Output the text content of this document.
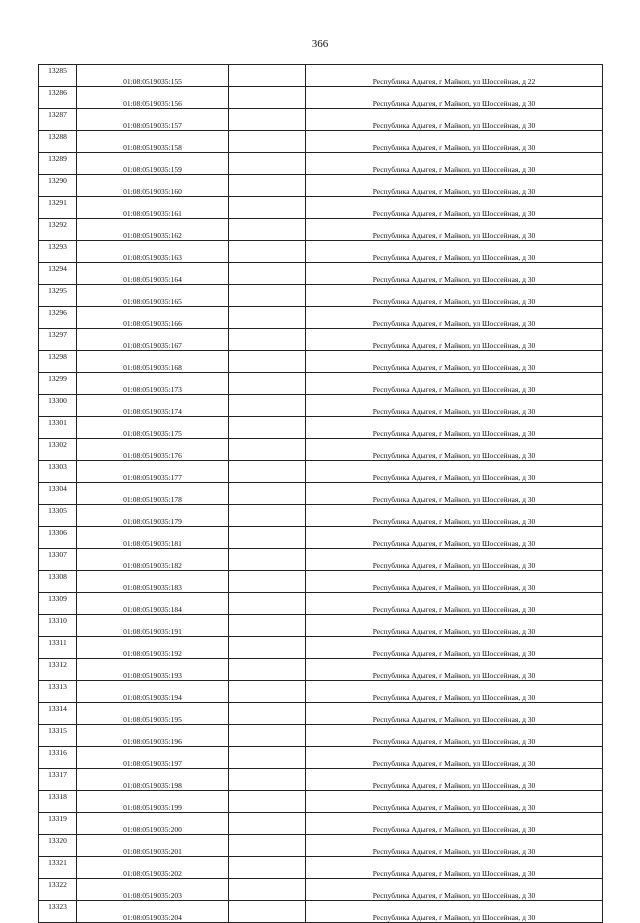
366
13285	01:08:0519035:155		Республика Адыгея, г Майкоп, ул Шоссейная, д 22
13286	01:08:0519035:156		Республика Адыгея, г Майкоп, ул Шоссейная, д 30
13287	01:08:0519035:157		Республика Адыгея, г Майкоп, ул Шоссейная, д 30
13288	01:08:0519035:158		Республика Адыгея, г Майкоп, ул Шоссейная, д 30
13289	01:08:0519035:159		Республика Адыгея, г Майкоп, ул Шоссейная, д 30
13290	01:08:0519035:160		Республика Адыгея, г Майкоп, ул Шоссейная, д 30
13291	01:08:0519035:161		Республика Адыгея, г Майкоп, ул Шоссейная, д 30
13292	01:08:0519035:162		Республика Адыгея, г Майкоп, ул Шоссейная, д 30
13293	01:08:0519035:163		Республика Адыгея, г Майкоп, ул Шоссейная, д 30
13294	01:08:0519035:164		Республика Адыгея, г Майкоп, ул Шоссейная, д 30
13295	01:08:0519035:165		Республика Адыгея, г Майкоп, ул Шоссейная, д 30
13296	01:08:0519035:166		Республика Адыгея, г Майкоп, ул Шоссейная, д 30
13297	01:08:0519035:167		Республика Адыгея, г Майкоп, ул Шоссейная, д 30
13298	01:08:0519035:168		Республика Адыгея, г Майкоп, ул Шоссейная, д 30
13299	01:08:0519035:173		Республика Адыгея, г Майкоп, ул Шоссейная, д 30
13300	01:08:0519035:174		Республика Адыгея, г Майкоп, ул Шоссейная, д 30
13301	01:08:0519035:175		Республика Адыгея, г Майкоп, ул Шоссейная, д 30
13302	01:08:0519035:176		Республика Адыгея, г Майкоп, ул Шоссейная, д 30
13303	01:08:0519035:177		Республика Адыгея, г Майкоп, ул Шоссейная, д 30
13304	01:08:0519035:178		Республика Адыгея, г Майкоп, ул Шоссейная, д 30
13305	01:08:0519035:179		Республика Адыгея, г Майкоп, ул Шоссейная, д 30
13306	01:08:0519035:181		Республика Адыгея, г Майкоп, ул Шоссейная, д 30
13307	01:08:0519035:182		Республика Адыгея, г Майкоп, ул Шоссейная, д 30
13308	01:08:0519035:183		Республика Адыгея, г Майкоп, ул Шоссейная, д 30
13309	01:08:0519035:184		Республика Адыгея, г Майкоп, ул Шоссейная, д 30
13310	01:08:0519035:191		Республика Адыгея, г Майкоп, ул Шоссейная, д 30
13311	01:08:0519035:192		Республика Адыгея, г Майкоп, ул Шоссейная, д 30
13312	01:08:0519035:193		Республика Адыгея, г Майкоп, ул Шоссейная, д 30
13313	01:08:0519035:194		Республика Адыгея, г Майкоп, ул Шоссейная, д 30
13314	01:08:0519035:195		Республика Адыгея, г Майкоп, ул Шоссейная, д 30
13315	01:08:0519035:196		Республика Адыгея, г Майкоп, ул Шоссейная, д 30
13316	01:08:0519035:197		Республика Адыгея, г Майкоп, ул Шоссейная, д 30
13317	01:08:0519035:198		Республика Адыгея, г Майкоп, ул Шоссейная, д 30
13318	01:08:0519035:199		Республика Адыгея, г Майкоп, ул Шоссейная, д 30
13319	01:08:0519035:200		Республика Адыгея, г Майкоп, ул Шоссейная, д 30
13320	01:08:0519035:201		Республика Адыгея, г Майкоп, ул Шоссейная, д 30
13321	01:08:0519035:202		Республика Адыгея, г Майкоп, ул Шоссейная, д 30
13322	01:08:0519035:203		Республика Адыгея, г Майкоп, ул Шоссейная, д 30
13323	01:08:0519035:204		Республика Адыгея, г Майкоп, ул Шоссейная, д 30
